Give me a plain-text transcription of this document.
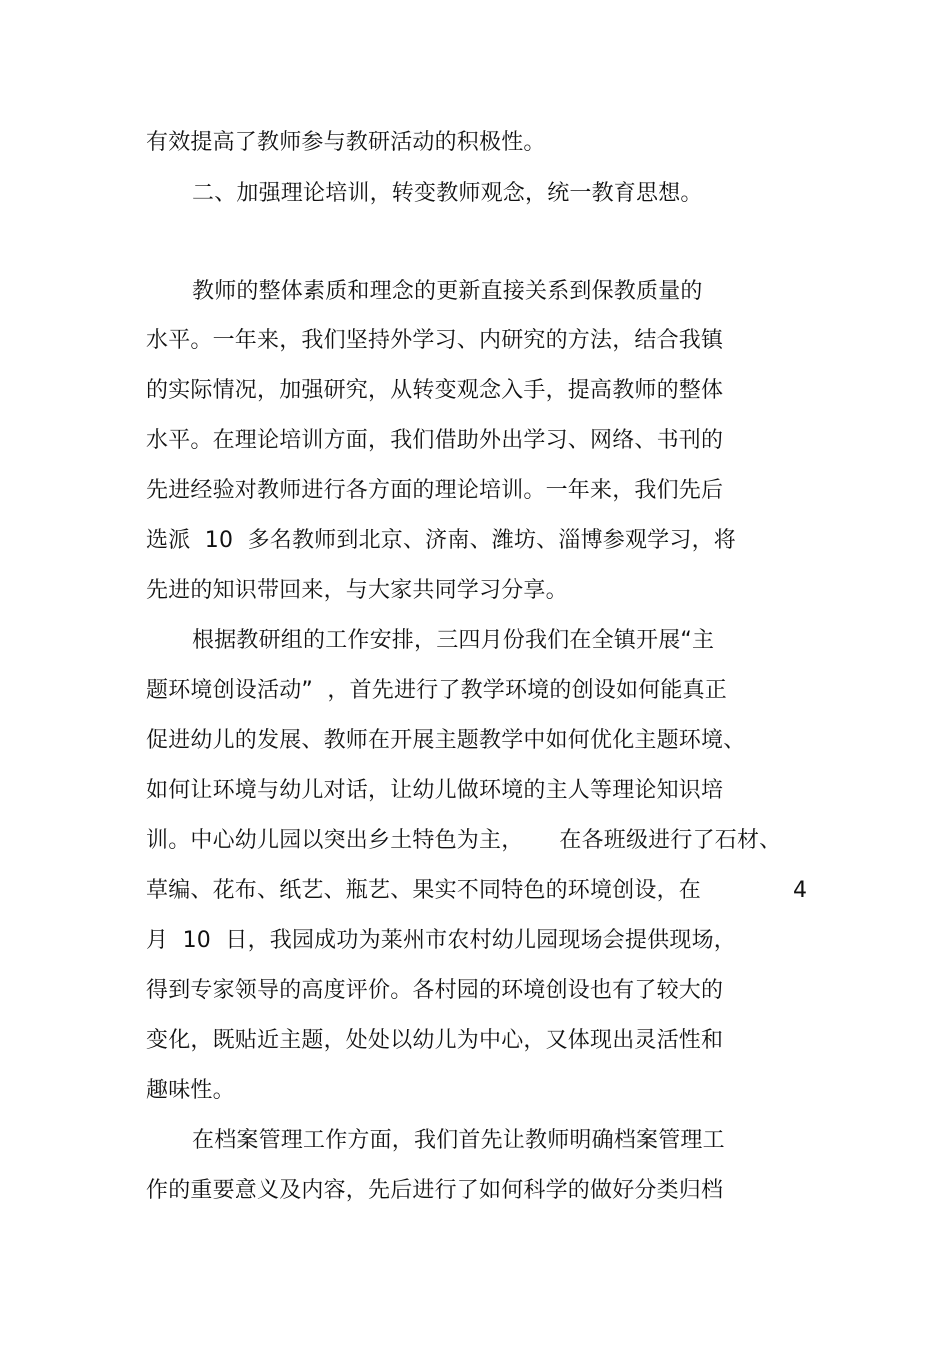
有效提高了教师参与教研活动的积极性。
二、加强理论培训，转变教师观念，统一教育思想。
教师的整体素质和理念的更新直接关系到保教质量的
水平。一年来，我们坚持外学习、内研究的方法，结合我镇
的实际情况，加强研究，从转变观念入手，提高教师的整体
水平。在理论培训方面，我们借助外出学习、网络、书刊的
先进经验对教师进行各方面的理论培训。一年来，我们先后
选派  10  多名教师到北京、济南、潍坊、淄博参观学习，将
先进的知识带回来，与大家共同学习分享。
根据教研组的工作安排，三四月份我们在全镇开展“主
题环境创设活动”  ，首先进行了教学环境的创设如何能真正
促进幼儿的发展、教师在开展主题教学中如何优化主题环境、
如何让环境与幼儿对话，让幼儿做环境的主人等理论知识培
训。中心幼儿园以突出乡土特色为主，     在各班级进行了石材、
草编、花布、纸艺、瓶艺、果实不同特色的环境创设，在	4
月  10  日，我园成功为莱州市农村幼儿园现场会提供现场，
得到专家领导的高度评价。各村园的环境创设也有了较大的
变化，既贴近主题，处处以幼儿为中心，又体现出灵活性和
趣味性。
在档案管理工作方面，我们首先让教师明确档案管理工
作的重要意义及内容，先后进行了如何科学的做好分类归档
